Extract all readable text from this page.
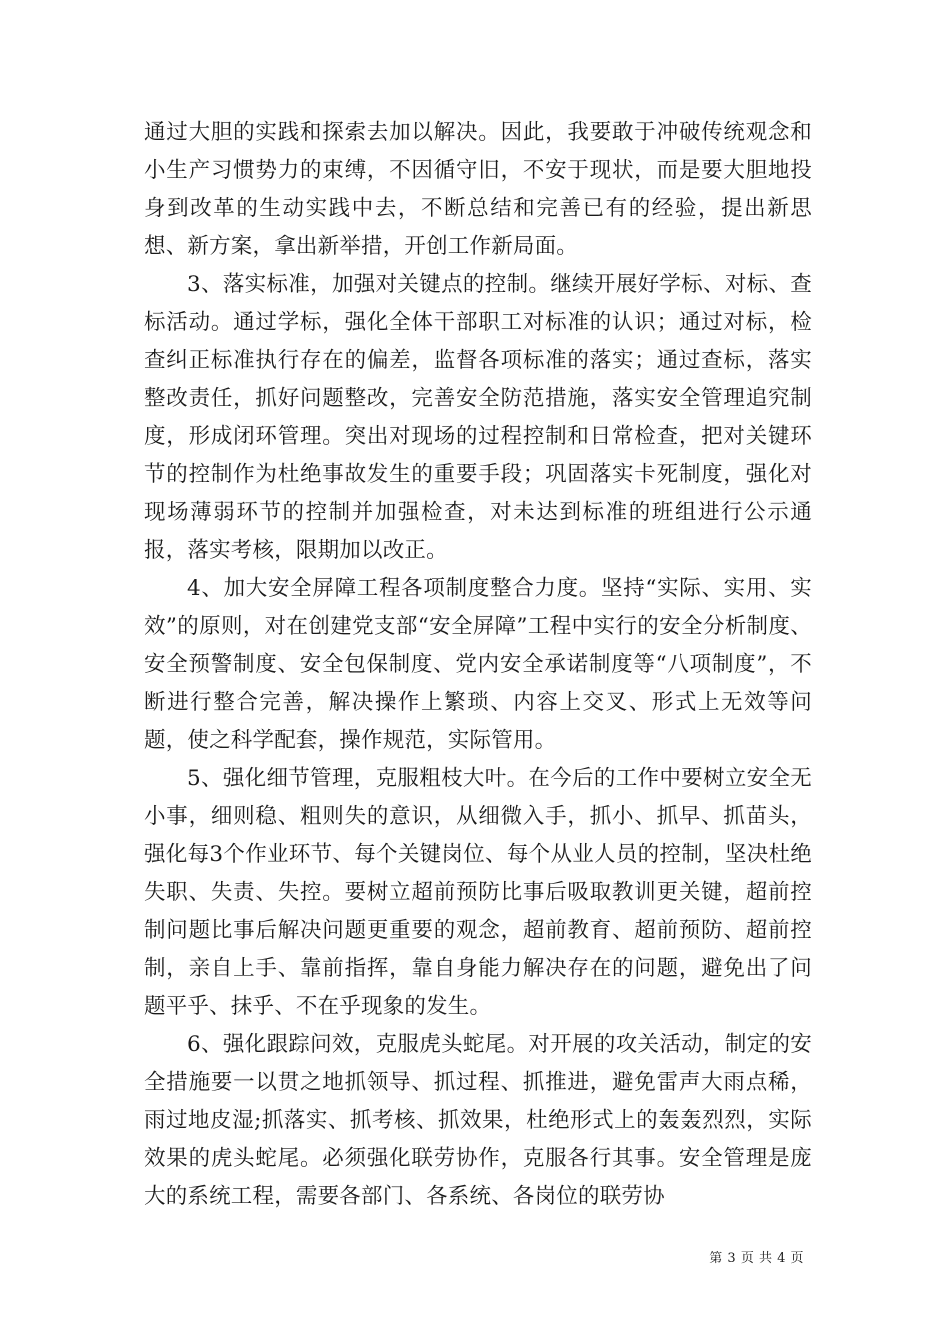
通过大胆的实践和探索去加以解决。因此，我要敢于冲破传统观念和小生产习惯势力的束缚，不因循守旧，不安于现状，而是要大胆地投身到改革的生动实践中去，不断总结和完善已有的经验，提出新思想、新方案，拿出新举措，开创工作新局面。

3、落实标准，加强对关键点的控制。继续开展好学标、对标、查标活动。通过学标，强化全体干部职工对标准的认识；通过对标，检查纠正标准执行存在的偏差，监督各项标准的落实；通过查标，落实整改责任，抓好问题整改，完善安全防范措施，落实安全管理追究制度，形成闭环管理。突出对现场的过程控制和日常检查，把对关键环节的控制作为杜绝事故发生的重要手段；巩固落实卡死制度，强化对现场薄弱环节的控制并加强检查，对未达到标准的班组进行公示通报，落实考核，限期加以改正。

4、加大安全屏障工程各项制度整合力度。坚持“实际、实用、实效”的原则，对在创建党支部“安全屏障”工程中实行的安全分析制度、安全预警制度、安全包保制度、党内安全承诺制度等“八项制度”，不断进行整合完善，解决操作上繁琐、内容上交叉、形式上无效等问题，使之科学配套，操作规范，实际管用。

5、强化细节管理，克服粗枝大叶。在今后的工作中要树立安全无小事，细则稳、粗则失的意识，从细微入手，抓小、抓早、抓苗头，强化每3个作业环节、每个关键岗位、每个从业人员的控制，坚决杜绝失职、失责、失控。要树立超前预防比事后吸取教训更关键，超前控制问题比事后解决问题更重要的观念，超前教育、超前预防、超前控制，亲自上手、靠前指挥，靠自身能力解决存在的问题，避免出了问题平乎、抹乎、不在乎现象的发生。

6、强化跟踪问效，克服虎头蛇尾。对开展的攻关活动，制定的安全措施要一以贯之地抓领导、抓过程、抓推进，避免雷声大雨点稀，雨过地皮湿;抓落实、抓考核、抓效果，杜绝形式上的轰轰烈烈，实际效果的虎头蛇尾。必须强化联劳协作，克服各行其事。安全管理是庞大的系统工程，需要各部门、各系统、各岗位的联劳协

第 3 页 共 4 页
